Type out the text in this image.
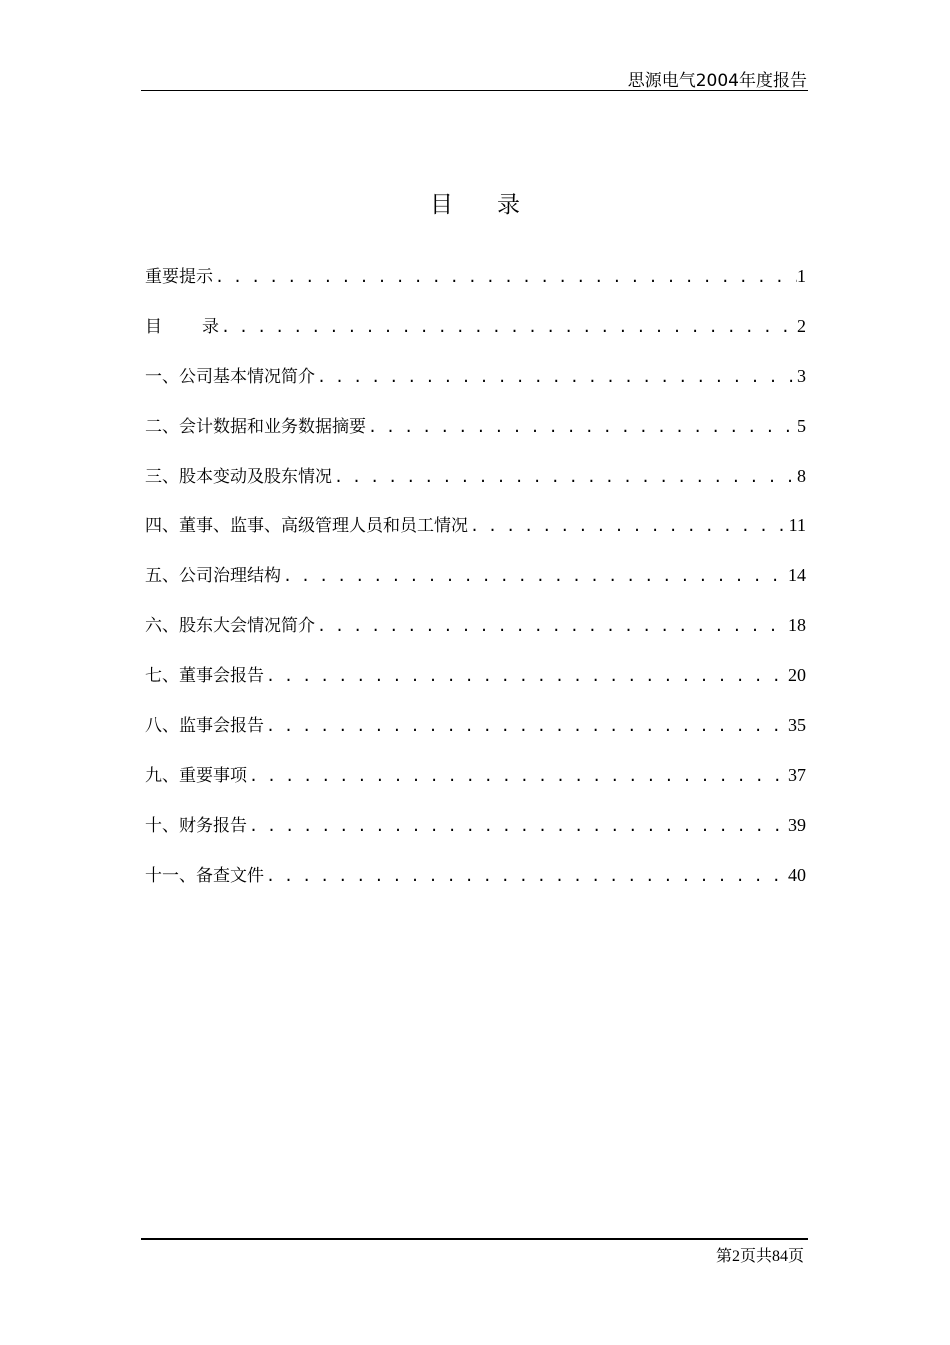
思源电气2004年度报告
目录
重要提示 . . .	1
目 录 . . .	2
一、公司基本情况简介 . . .	3
二、会计数据和业务数据摘要 . . .	5
三、股本变动及股东情况 . . .	8
四、董事、监事、高级管理人员和员工情况 . . .	11
五、公司治理结构 . . .	14
六、股东大会情况简介 . . .	18
七、董事会报告 . . .	20
八、监事会报告 . . .	35
九、重要事项 . . .	37
十、财务报告 . . .	39
十一、备查文件 . . .	40
第2页共84页
